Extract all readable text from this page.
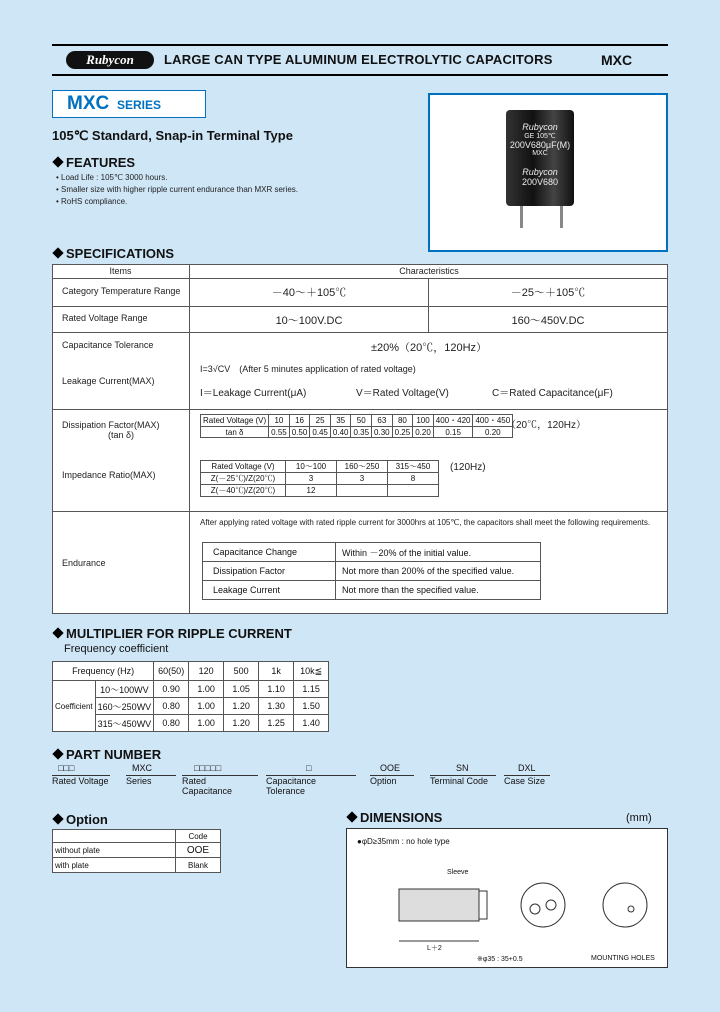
Rubycon	LARGE CAN TYPE ALUMINUM ELECTROLYTIC CAPACITORS	MXC
MXC SERIES
105℃ Standard, Snap-in Terminal Type
FEATURES
• Load Life : 105℃ 3000 hours.
• Smaller size with higher ripple current endurance than MXR series.
• RoHS compliance.
Rubycon
GE 105℃
200V680μF(M)
MXC
Rubycon
200V680
SPECIFICATIONS
Items	Characteristics
Category Temperature Range	－40～＋105℃	－25～＋105℃
Rated Voltage Range	10～100V.DC	160～450V.DC
Capacitance Tolerance	±20%（20℃，120Hz）
Leakage Current(MAX)
I=3√CV　(After 5 minutes application of rated voltage)
I＝Leakage Current(μA)	V＝Rated Voltage(V)	C＝Rated Capacitance(μF)
Dissipation Factor(MAX)
(tan δ)
Rated Voltage (V)	10	16	25	35	50	63	80	100	400・420	400・450
tan δ	0.55	0.50	0.45	0.40	0.35	0.30	0.25	0.20	0.15	0.20
（20℃，120Hz）
Impedance Ratio(MAX)
Rated Voltage (V)	10～100	160～250	315～450
Z(－25℃)/Z(20℃)	3	3	8
Z(－40℃)/Z(20℃)	12		
(120Hz)
Endurance
After applying rated voltage with rated ripple current for 3000hrs at 105℃, the capacitors shall meet the following requirements.
Capacitance Change	Within －20% of the initial value.
Dissipation Factor	Not more than 200% of the specified value.
Leakage Current	Not more than the specified value.
MULTIPLIER FOR RIPPLE CURRENT
Frequency coefficient
Frequency (Hz)		60(50)	120	500	1k	10k≦
Coefficient	10～100WV	0.90	1.00	1.05	1.10	1.15
	160～250WV	0.80	1.00	1.20	1.30	1.50
	315～450WV	0.80	1.00	1.20	1.25	1.40
PART NUMBER
□□□
Rated Voltage
MXC
Series
□□□□□
Rated Capacitance
□
Capacitance Tolerance
OOE
Option
SN
Terminal Code
DXL
Case Size
Option
	Code
without plate	OOE
with plate	Blank
DIMENSIONS	(mm)
●φD≥35mm : no hole type
L＋2
Sleeve
MOUNTING HOLES
※φ35 : 35+0.5
